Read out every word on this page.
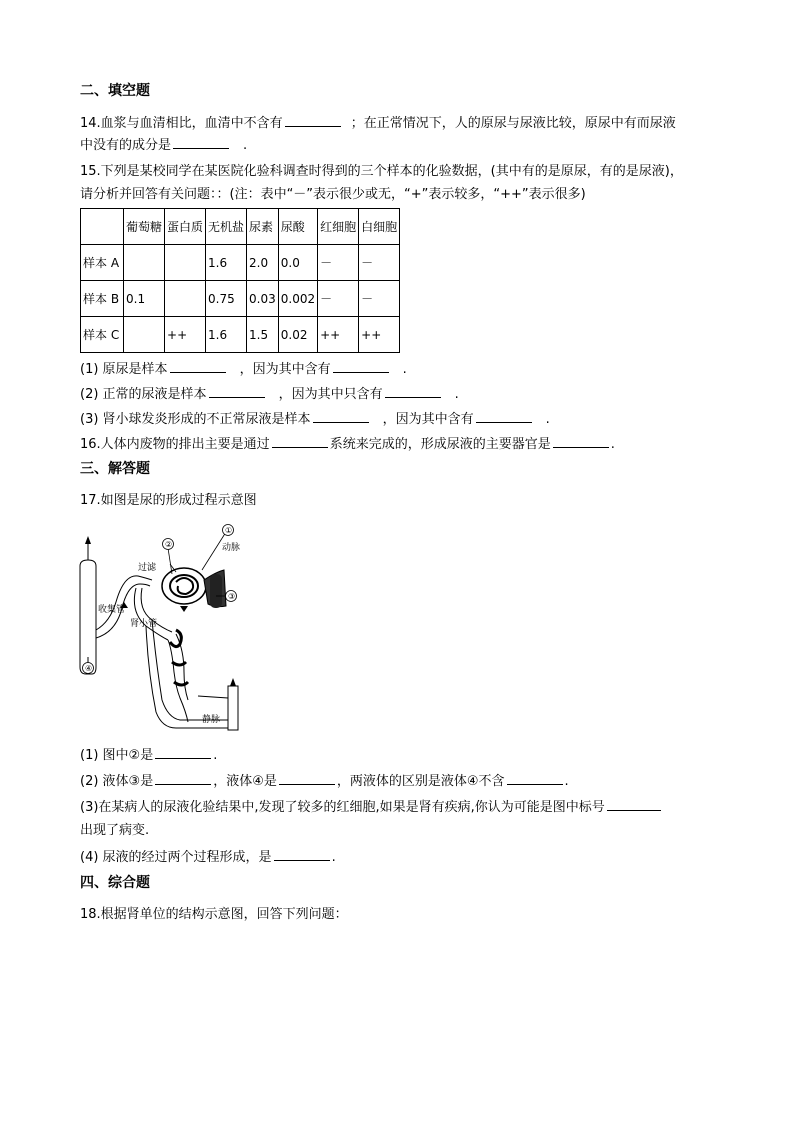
二、填空题
14.血浆与血清相比，血清中不含有	；在正常情况下，人的原尿与尿液比较，原尿中有而尿液
中没有的成分是	.
15.下列是某校同学在某医院化验科调查时得到的三个样本的化验数据，(其中有的是原尿，有的是尿液)，
请分析并回答有关问题：：(注：表中“－”表示很少或无，“+”表示较多，“++”表示很多)
	葡萄糖	蛋白质	无机盐	尿素	尿酸	红细胞	白细胞
样本 A			1.6	2.0	0.0	－	－
样本 B	0.1		0.75	0.03	0.002	－	－
样本 C		++	1.6	1.5	0.02	++	++
(1) 原尿是样本	，因为其中含有	.
(2) 正常的尿液是样本	，因为其中只含有	.
(3) 肾小球发炎形成的不正常尿液是样本	，因为其中含有	.
16.人体内废物的排出主要是通过	系统来完成的，形成尿液的主要器官是	.
三、解答题
17.如图是尿的形成过程示意图
①
②
③
④
过滤
动脉
收集管
肾小管
静脉
(1) 图中②是	.
(2) 液体③是	，液体④是	，两液体的区别是液体④不含	.
(3)在某病人的尿液化验结果中,发现了较多的红细胞,如果是肾有疾病,你认为可能是图中标号
出现了病变.
(4) 尿液的经过两个过程形成，是	.
四、综合题
18.根据肾单位的结构示意图，回答下列问题：
